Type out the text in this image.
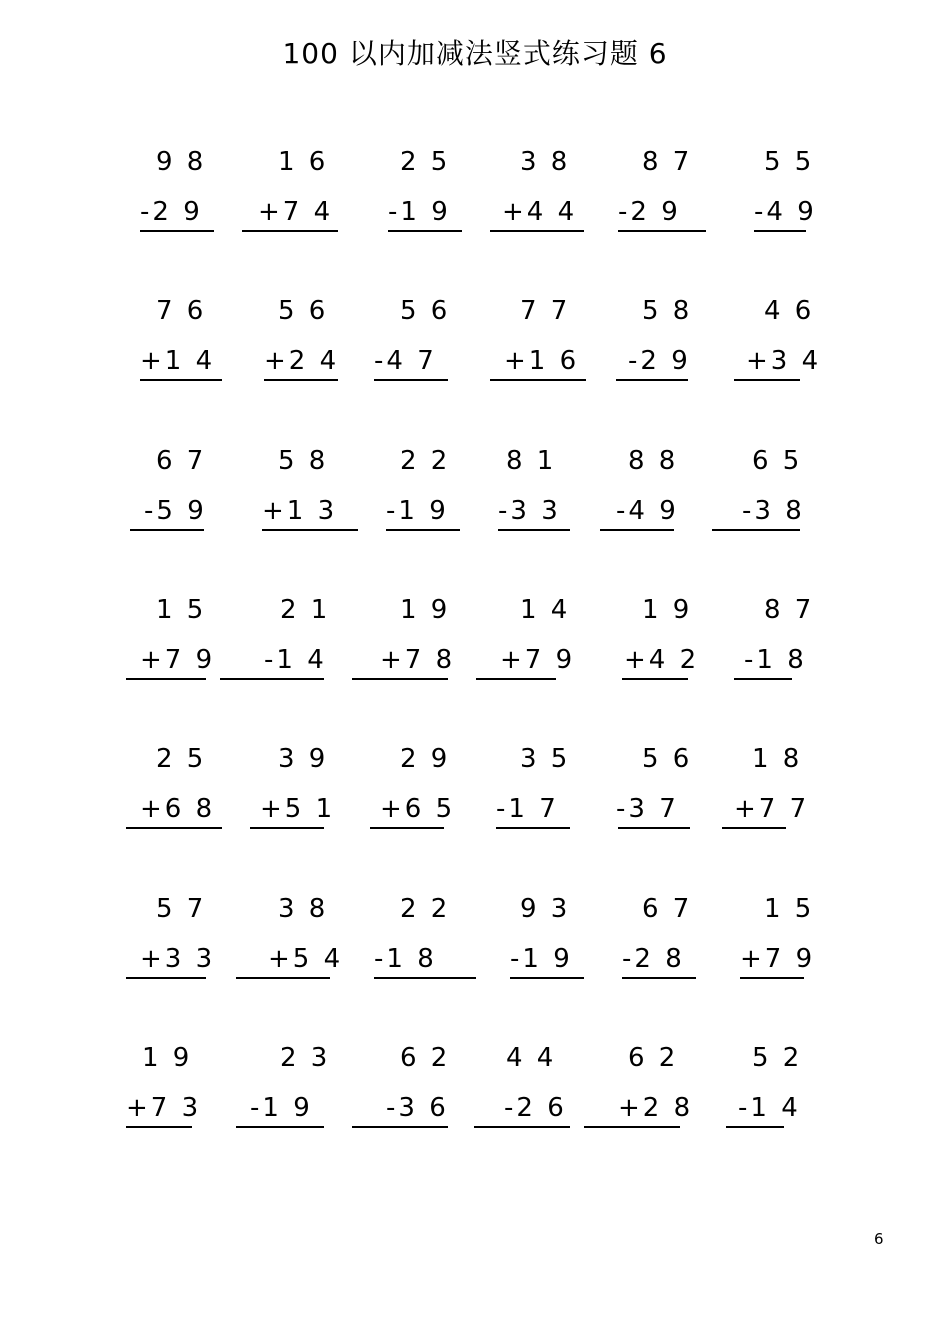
100 以内加减法竖式练习题 6
9 8
-2 9
1 6
+7 4
2 5
-1 9
3 8
+4 4
8 7
-2 9
5 5
-4 9
7 6
+1 4
5 6
+2 4
5 6
-4 7
7 7
+1 6
5 8
-2 9
4 6
+3 4
6 7
-5 9
5 8
+1 3
2 2
-1 9
8 1
-3 3
8 8
-4 9
6 5
-3 8
1 5
+7 9
2 1
-1 4
1 9
+7 8
1 4
+7 9
1 9
+4 2
8 7
-1 8
2 5
+6 8
3 9
+5 1
2 9
+6 5
3 5
-1 7
5 6
-3 7
1 8
+7 7
5 7
+3 3
3 8
+5 4
2 2
-1 8
9 3
-1 9
6 7
-2 8
1 5
+7 9
1 9
+7 3
2 3
-1 9
6 2
-3 6
4 4
-2 6
6 2
+2 8
5 2
-1 4
6
